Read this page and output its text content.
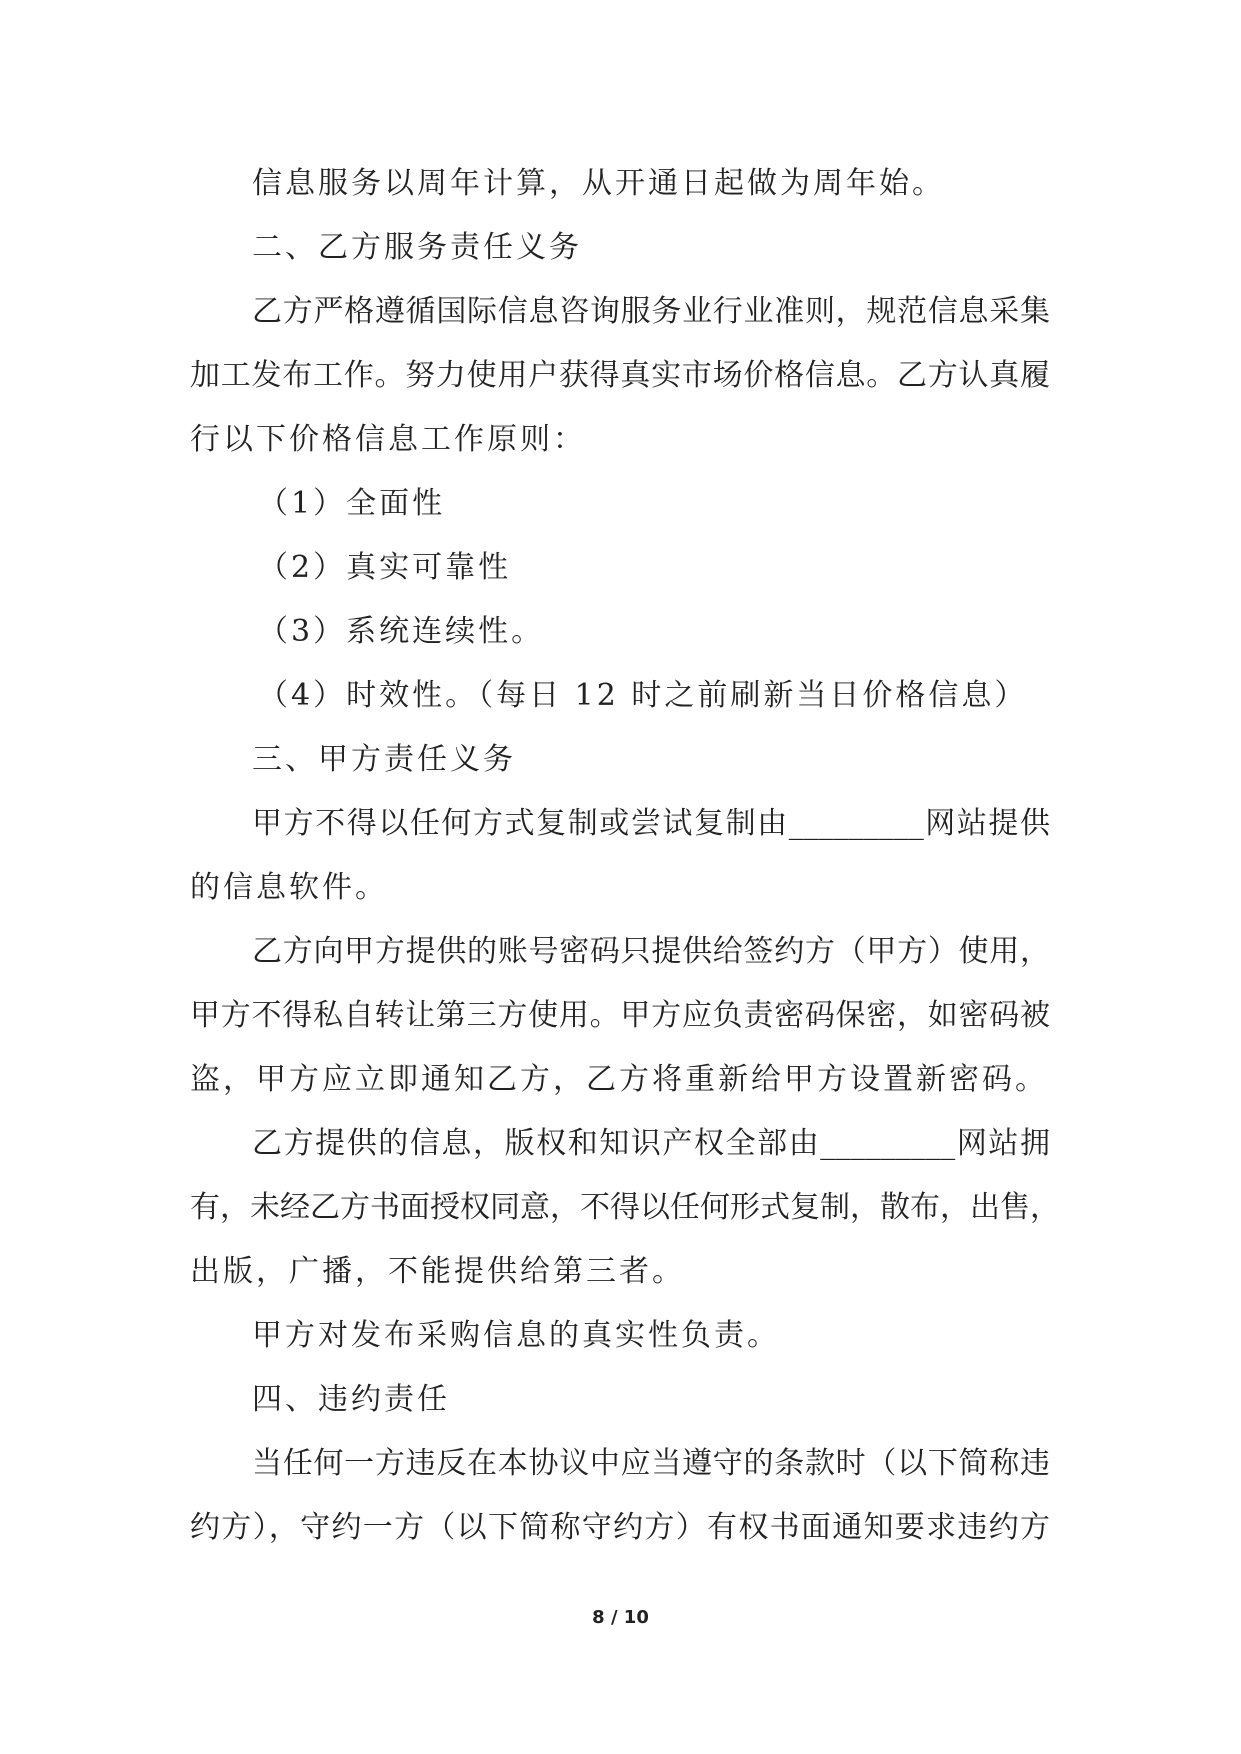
信息服务以周年计算，从开通日起做为周年始。
二、乙方服务责任义务
乙方严格遵循国际信息咨询服务业行业准则，规范信息采集
加工发布工作。努力使用户获得真实市场价格信息。乙方认真履
行以下价格信息工作原则：
（1）全面性
（2）真实可靠性
（3）系统连续性。
（4）时效性。（每日 12 时之前刷新当日价格信息）
三、甲方责任义务
甲方不得以任何方式复制或尝试复制由_________网站提供
的信息软件。
乙方向甲方提供的账号密码只提供给签约方（甲方）使用，
甲方不得私自转让第三方使用。甲方应负责密码保密，如密码被
盗，甲方应立即通知乙方，乙方将重新给甲方设置新密码。
乙方提供的信息，版权和知识产权全部由_________网站拥
有，未经乙方书面授权同意，不得以任何形式复制，散布，出售，
出版，广播，不能提供给第三者。
甲方对发布采购信息的真实性负责。
四、违约责任
当任何一方违反在本协议中应当遵守的条款时（以下简称违
约方），守约一方（以下简称守约方）有权书面通知要求违约方
8 / 10
